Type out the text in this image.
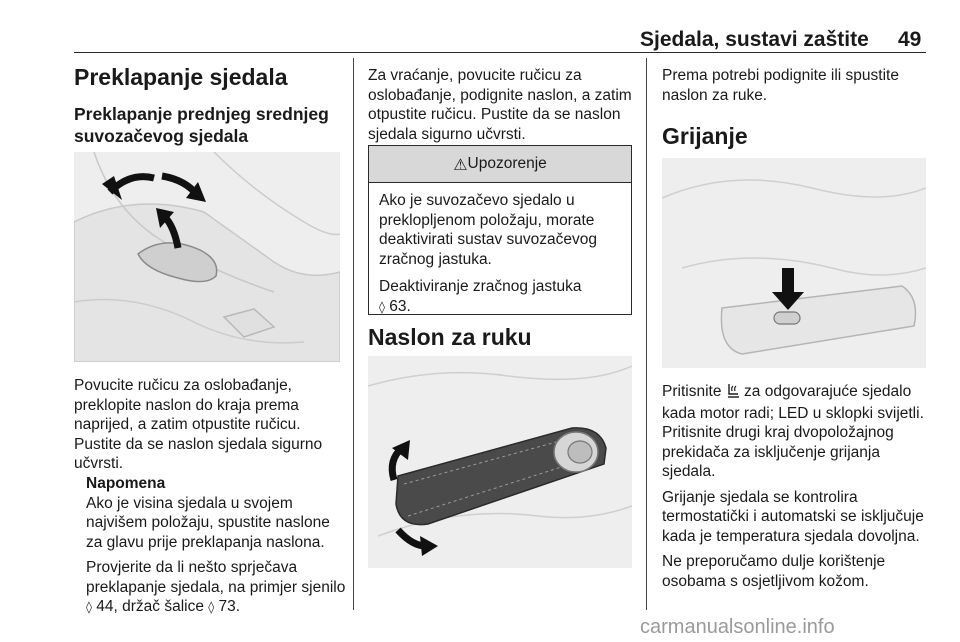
Sjedala, sustavi zaštite 49
Preklapanje sjedala
Preklapanje prednjeg srednjeg suvozačevog sjedala
Povucite ručicu za oslobađanje, preklopite naslon do kraja prema naprijed, a zatim otpustite ručicu. Pustite da se naslon sjedala sigurno učvrsti.

Napomena

Ako je visina sjedala u svojem najvišem položaju, spustite naslone za glavu prije preklapanja naslona.

Provjerite da li nešto sprječava preklapanje sjedala, na primjer sjenilo ◊ 44, držač šalice ◊ 73.

Za vraćanje, povucite ručicu za oslobađanje, podignite naslon, a zatim otpustite ručicu. Pustite da se naslon sjedala sigurno učvrsti.
⚠ Upozorenje

Ako je suvozačevo sjedalo u preklopljenom položaju, morate deaktivirati sustav suvozačevog zračnog jastuka.

Deaktiviranje zračnog jastuka
◊ 63.

Naslon za ruku
Prema potrebi podignite ili spustite naslon za ruke.
Grijanje

Pritisnite  za odgovarajuće sjedalo kada motor radi; LED u sklopki svijetli. Pritisnite drugi kraj dvopoložajnog prekidača za isključenje grijanja sjedala.

Grijanje sjedala se kontrolira termostatički i automatski se isključuje kada je temperatura sjedala dovoljna.

Ne preporučamo dulje korištenje osobama s osjetljivom kožom.

carmanualsonline.info
